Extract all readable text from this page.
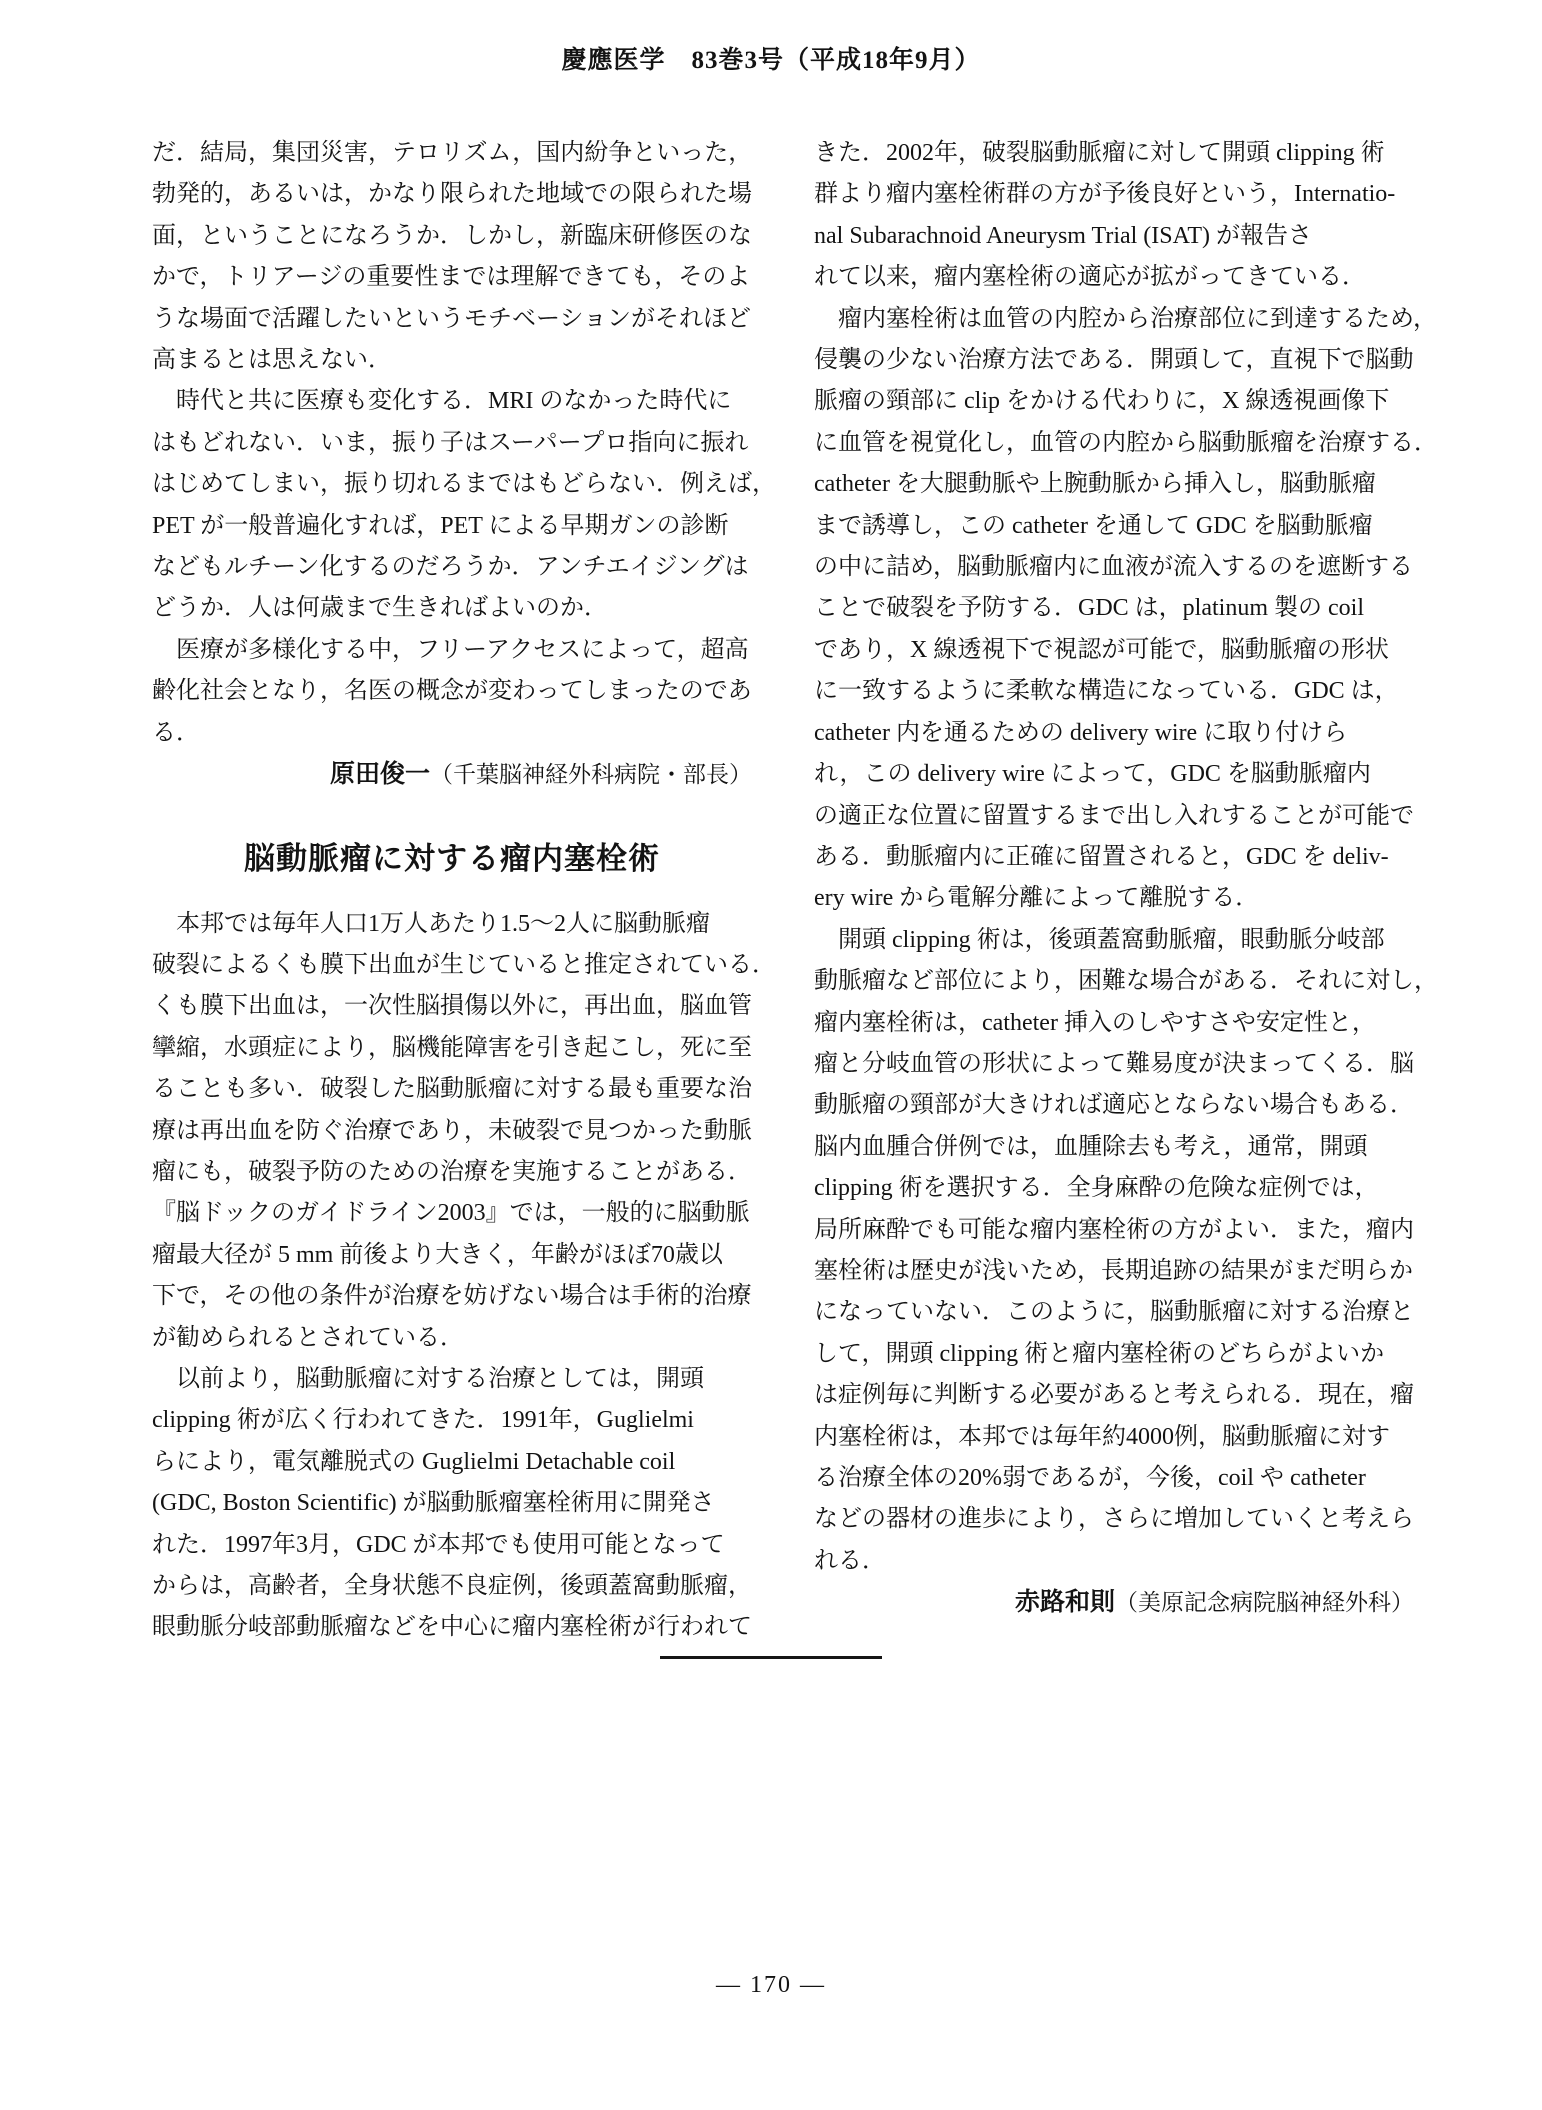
慶應医学　83巻3号（平成18年9月）
だ．結局，集団災害，テロリズム，国内紛争といった，
勃発的，あるいは，かなり限られた地域での限られた場
面，ということになろうか．しかし，新臨床研修医のな
かで，トリアージの重要性までは理解できても，そのよ
うな場面で活躍したいというモチベーションがそれほど
高まるとは思えない．
　時代と共に医療も変化する．MRI のなかった時代に
はもどれない．いま，振り子はスーパープロ指向に振れ
はじめてしまい，振り切れるまではもどらない．例えば，
PET が一般普遍化すれば，PET による早期ガンの診断
などもルチーン化するのだろうか．アンチエイジングは
どうか．人は何歳まで生きればよいのか．
　医療が多様化する中，フリーアクセスによって，超高
齢化社会となり，名医の概念が変わってしまったのであ
る．
原田俊一（千葉脳神経外科病院・部長）
脳動脈瘤に対する瘤内塞栓術
　本邦では毎年人口1万人あたり1.5～2人に脳動脈瘤
破裂によるくも膜下出血が生じていると推定されている．
くも膜下出血は，一次性脳損傷以外に，再出血，脳血管
攣縮，水頭症により，脳機能障害を引き起こし，死に至
ることも多い．破裂した脳動脈瘤に対する最も重要な治
療は再出血を防ぐ治療であり，未破裂で見つかった動脈
瘤にも，破裂予防のための治療を実施することがある．
『脳ドックのガイドライン2003』では，一般的に脳動脈
瘤最大径が 5 mm 前後より大きく，年齢がほぼ70歳以
下で，その他の条件が治療を妨げない場合は手術的治療
が勧められるとされている．
　以前より，脳動脈瘤に対する治療としては，開頭
clipping 術が広く行われてきた．1991年，Guglielmi
らにより，電気離脱式の Guglielmi Detachable coil
(GDC, Boston Scientific) が脳動脈瘤塞栓術用に開発さ
れた．1997年3月，GDC が本邦でも使用可能となって
からは，高齢者，全身状態不良症例，後頭蓋窩動脈瘤，
眼動脈分岐部動脈瘤などを中心に瘤内塞栓術が行われて
きた．2002年，破裂脳動脈瘤に対して開頭 clipping 術
群より瘤内塞栓術群の方が予後良好という，Internatio-
nal Subarachnoid Aneurysm Trial (ISAT) が報告さ
れて以来，瘤内塞栓術の適応が拡がってきている．
　瘤内塞栓術は血管の内腔から治療部位に到達するため，
侵襲の少ない治療方法である．開頭して，直視下で脳動
脈瘤の頸部に clip をかける代わりに，X 線透視画像下
に血管を視覚化し，血管の内腔から脳動脈瘤を治療する．
catheter を大腿動脈や上腕動脈から挿入し，脳動脈瘤
まで誘導し，この catheter を通して GDC を脳動脈瘤
の中に詰め，脳動脈瘤内に血液が流入するのを遮断する
ことで破裂を予防する．GDC は，platinum 製の coil
であり，X 線透視下で視認が可能で，脳動脈瘤の形状
に一致するように柔軟な構造になっている．GDC は，
catheter 内を通るための delivery wire に取り付けら
れ，この delivery wire によって，GDC を脳動脈瘤内
の適正な位置に留置するまで出し入れすることが可能で
ある．動脈瘤内に正確に留置されると，GDC を deliv-
ery wire から電解分離によって離脱する．
　開頭 clipping 術は，後頭蓋窩動脈瘤，眼動脈分岐部
動脈瘤など部位により，困難な場合がある．それに対し，
瘤内塞栓術は，catheter 挿入のしやすさや安定性と，
瘤と分岐血管の形状によって難易度が決まってくる．脳
動脈瘤の頸部が大きければ適応とならない場合もある．
脳内血腫合併例では，血腫除去も考え，通常，開頭
clipping 術を選択する．全身麻酔の危険な症例では，
局所麻酔でも可能な瘤内塞栓術の方がよい．また，瘤内
塞栓術は歴史が浅いため，長期追跡の結果がまだ明らか
になっていない．このように，脳動脈瘤に対する治療と
して，開頭 clipping 術と瘤内塞栓術のどちらがよいか
は症例毎に判断する必要があると考えられる．現在，瘤
内塞栓術は，本邦では毎年約4000例，脳動脈瘤に対す
る治療全体の20%弱であるが，今後，coil や catheter
などの器材の進歩により，さらに増加していくと考えら
れる．
赤路和則（美原記念病院脳神経外科）
— 170 —
